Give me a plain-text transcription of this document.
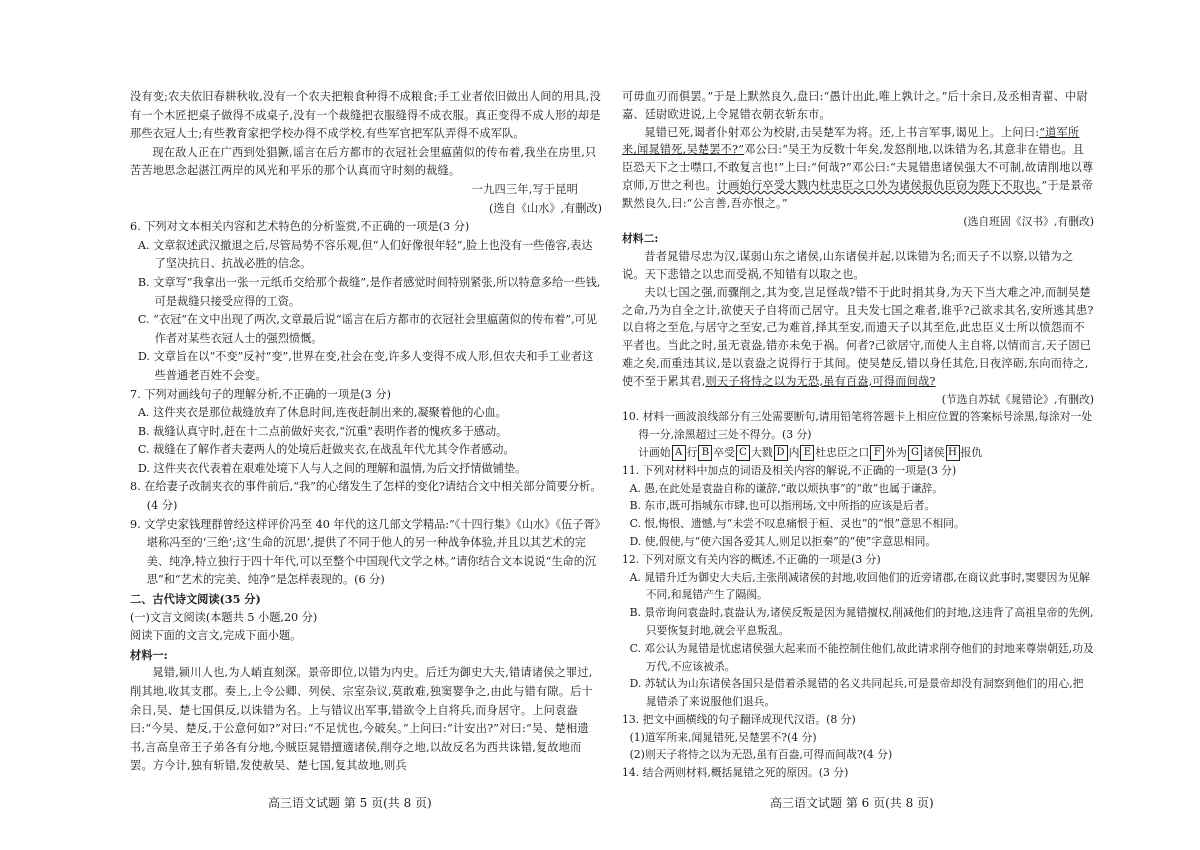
没有变;农夫依旧春耕秋收,没有一个农夫把粮食种得不成粮食;手工业者依旧做出人间的用具,没有一个木匠把桌子做得不成桌子,没有一个裁缝把衣服缝得不成衣服。真正变得不成人形的却是那些衣冠人士;有些教育家把学校办得不成学校,有些军官把军队弄得不成军队。

现在敌人正在广西到处猖獗,谣言在后方都市的衣冠社会里瘟菌似的传布着,我坐在房里,只苦苦地思念起湛江两岸的风光和平乐的那个认真而守时刻的裁缝。

一九四三年,写于昆明

(选自《山水》,有删改)

6. 下列对文本相关内容和艺术特色的分析鉴赏,不正确的一项是(3 分)

A. 文章叙述武汉撤退之后,尽管局势不容乐观,但“人们好像很年轻”,脸上也没有一些倦容,表达了坚决抗日、抗战必胜的信念。

B. 文章写“我拿出一张一元纸币交给那个裁缝”,是作者感觉时间特别紧张,所以特意多给一些钱,可是裁缝只接受应得的工资。

C. “衣冠”在文中出现了两次,文章最后说“谣言在后方都市的衣冠社会里瘟菌似的传布着”,可见作者对某些衣冠人士的强烈愤慨。

D. 文章旨在以“不变”反衬“变”,世界在变,社会在变,许多人变得不成人形,但农夫和手工业者这些普通老百姓不会变。

7. 下列对画线句子的理解分析,不正确的一项是(3 分)

A. 这件夹衣是那位裁缝放弃了休息时间,连夜赶制出来的,凝聚着他的心血。

B. 裁缝认真守时,赶在十二点前做好夹衣,“沉重”表明作者的愧疚多于感动。

C. 裁缝在了解作者夫妻两人的处境后赶做夹衣,在战乱年代尤其令作者感动。

D. 这件夹衣代表着在艰难处境下人与人之间的理解和温情,为后文抒情做铺垫。

8. 在给妻子改制夹衣的事件前后,“我”的心绪发生了怎样的变化?请结合文中相关部分简要分析。(4 分)

9. 文学史家钱理群曾经这样评价冯至 40 年代的这几部文学精品:“《十四行集》《山水》《伍子胥》堪称冯至的‘三绝’;这‘生命的沉思’,提供了不同于他人的另一种战争体验,并且以其艺术的完美、纯净,特立独行于四十年代,可以至整个中国现代文学之林。”请你结合文本说说“生命的沉思”和“艺术的完美、纯净”是怎样表现的。(6 分)

二、古代诗文阅读(35 分)

(一)文言文阅读(本题共 5 小题,20 分)

阅读下面的文言文,完成下面小题。

材料一:

晁错,颍川人也,为人峭直刻深。景帝即位,以错为内史。后迁为御史大夫,错请诸侯之罪过,削其地,收其支郡。奏上,上令公卿、列侯、宗室杂议,莫敢难,独窦婴争之,由此与错有隙。后十余日,吴、楚七国俱反,以诛错为名。上与错议出军事,错欲令上自将兵,而身居守。上问袁盎曰:“今吴、楚反,于公意何如?”对曰:“不足忧也,今破矣。”上问曰:“计安出?”对曰:“吴、楚相遗书,言高皇帝王子弟各有分地,今贼臣晁错擅適诸侯,削夺之地,以故反名为西共诛错,复故地而罢。方今计,独有斩错,发使赦吴、楚七国,复其故地,则兵

可毋血刃而俱罢。”于是上默然良久,盘曰:“愚计出此,唯上孰计之。”后十余日,及丞相青翟、中尉嘉、廷尉欧进说,上令晁错衣朝衣斩东市。

晁错已死,谒者仆射邓公为校尉,击吴楚军为将。还,上书言军事,谒见上。上问曰:“道军所来,闻晁错死,吴楚罢不?”邓公曰:“吴王为反数十年矣,发怒削地,以诛错为名,其意非在错也。且臣恐天下之士噤口,不敢复言也!”上曰:“何哉?”邓公曰:“夫晁错患诸侯强大不可制,故请削地以尊京师,万世之利也。计画始行卒受大戮内杜忠臣之口外为诸侯报仇臣窃为陛下不取也。”于是景帝默然良久,曰:“公言善,吾亦恨之。”

(选自班固《汉书》,有删改)

材料二:

昔者晁错尽忠为汉,谋弱山东之诸侯,山东诸侯并起,以诛错为名;而天子不以察,以错为之说。天下悲错之以忠而受祸,不知错有以取之也。

夫以七国之强,而骤削之,其为变,岂足怪哉?错不于此时捐其身,为天下当大难之冲,而制吴楚之命,乃为自全之计,欲使天子自将而己居守。且夫发七国之难者,谁乎?己欲求其名,安所逃其患?以自将之至危,与居守之至安,己为难首,择其至安,而遗天子以其至危,此忠臣义士所以愤怨而不平者也。当此之时,虽无袁盎,错亦未免于祸。何者?己欲居守,而使人主自将,以情而言,天子固已难之矣,而重违其议,是以袁盎之说得行于其间。使吴楚反,错以身任其危,日夜淬砺,东向而待之,使不至于累其君,则天子将恃之以为无恐,虽有百盎,可得而间哉?

(节选自苏轼《晁错论》,有删改)

10. 材料一画波浪线部分有三处需要断句,请用铅笔将答题卡上相应位置的答案标号涂黑,每涂对一处得一分,涂黑超过三处不得分。(3 分)

计画始 A 行 B 卒受 C 大戮 D 内 E 杜忠臣之口 F 外为 G 诸侯 H 报仇

11. 下列对材料中加点的词语及相关内容的解说,不正确的一项是(3 分)

A. 愚,在此处是袁盎自称的谦辞,“敢以烦执事”的“敢”也属于谦辞。

B. 东市,既可指城东市肆,也可以指刑场,文中所指的应该是后者。

C. 恨,悔恨、遗憾,与“未尝不叹息痛恨于桓、灵也”的“恨”意思不相同。

D. 使,假使,与“使六国各爱其人,则足以拒秦”的“使”字意思相同。

12. 下列对原文有关内容的概述,不正确的一项是(3 分)

A. 晁错升迁为御史大夫后,主张削减诸侯的封地,收回他们的近旁诸郡,在商议此事时,窦婴因为见解不同,和晁错产生了隔阂。

B. 景帝询问袁盎时,袁盎认为,诸侯反叛是因为晁错擅权,削减他们的封地,这违背了高祖皇帝的先例,只要恢复封地,就会平息叛乱。

C. 邓公认为晁错是忧虑诸侯强大起来而不能控制住他们,故此请求削夺他们的封地来尊崇朝廷,功及万代,不应该被杀。

D. 苏轼认为山东诸侯各国只是借着杀晁错的名义共同起兵,可是景帝却没有洞察到他们的用心,把晁错杀了来说服他们退兵。

13. 把文中画横线的句子翻译成现代汉语。(8 分)

(1)道军所来,闻晁错死,吴楚罢不?(4 分)

(2)则天子将恃之以为无恐,虽有百盎,可得而间哉?(4 分)

14. 结合两则材料,概括晁错之死的原因。(3 分)

高三语文试题 第 5 页(共 8 页)	高三语文试题 第 6 页(共 8 页)
